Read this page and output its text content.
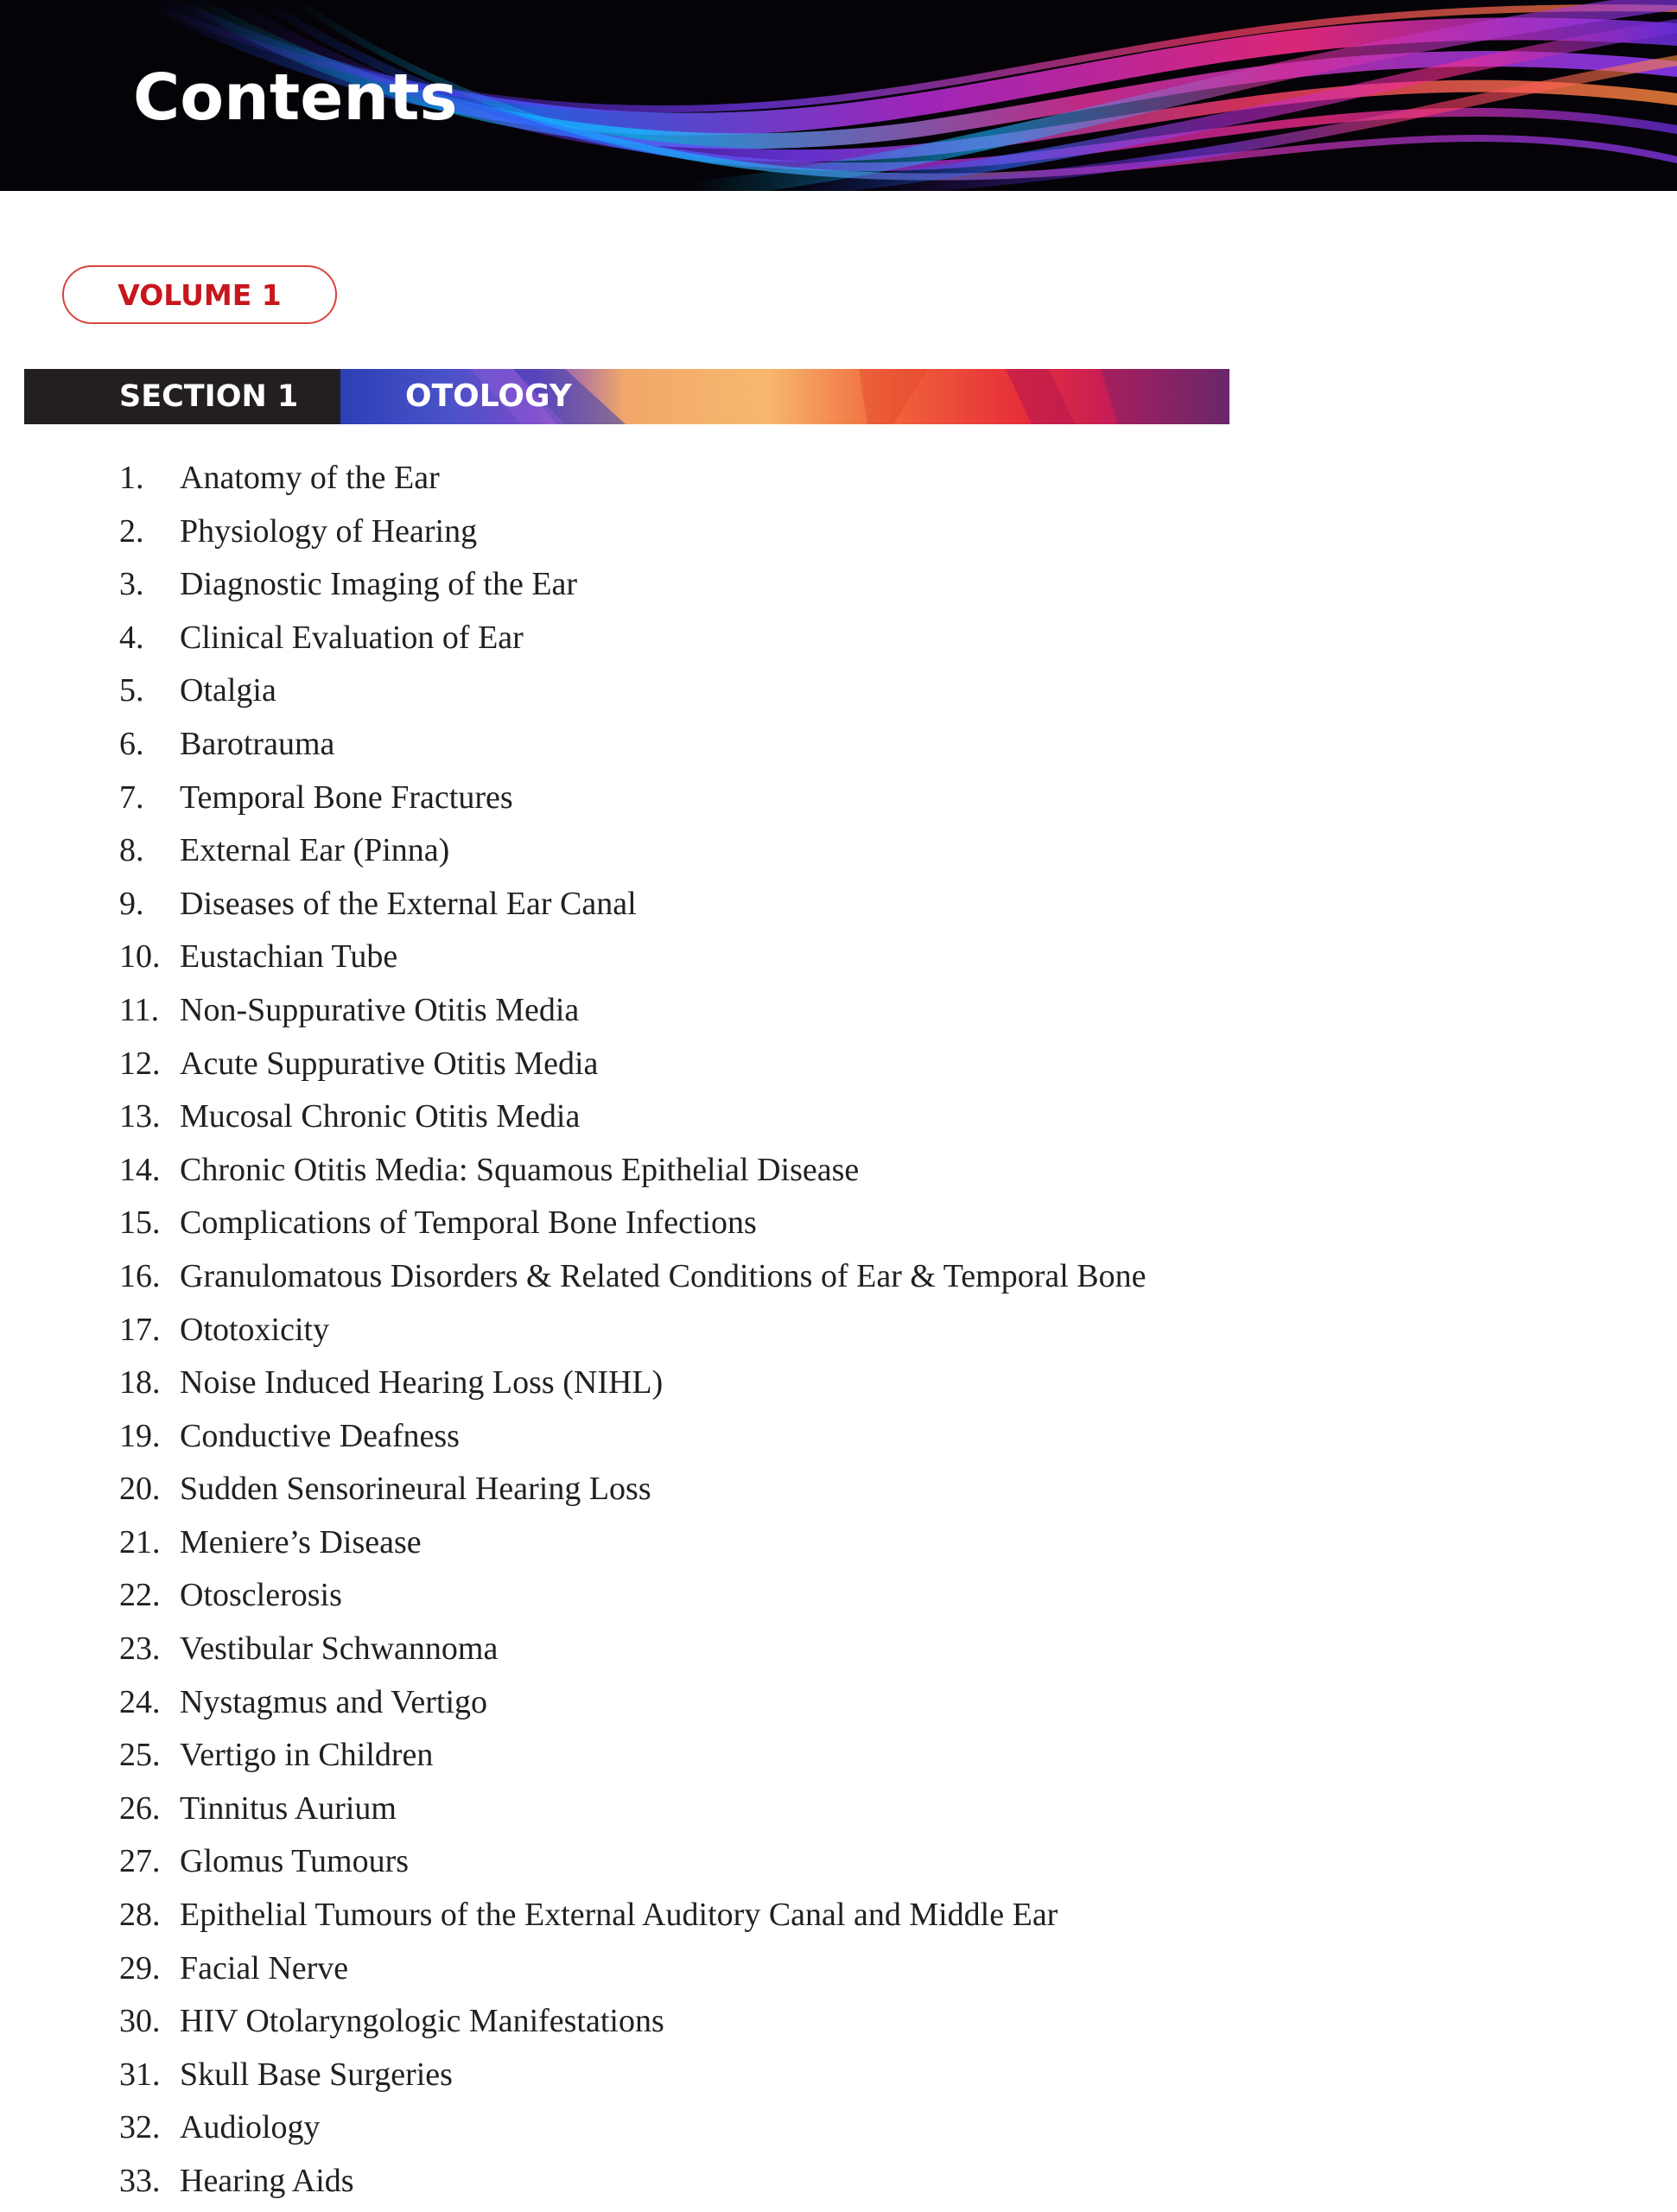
Contents
VOLUME 1
SECTION 1	OTOLOGY
1. Anatomy of the Ear
2. Physiology of Hearing
3. Diagnostic Imaging of the Ear
4. Clinical Evaluation of Ear
5. Otalgia
6. Barotrauma
7. Temporal Bone Fractures
8. External Ear (Pinna)
9. Diseases of the External Ear Canal
10. Eustachian Tube
11. Non-Suppurative Otitis Media
12. Acute Suppurative Otitis Media
13. Mucosal Chronic Otitis Media
14. Chronic Otitis Media: Squamous Epithelial Disease
15. Complications of Temporal Bone Infections
16. Granulomatous Disorders & Related Conditions of Ear & Temporal Bone
17. Ototoxicity
18. Noise Induced Hearing Loss (NIHL)
19. Conductive Deafness
20. Sudden Sensorineural Hearing Loss
21. Meniere’s Disease
22. Otosclerosis
23. Vestibular Schwannoma
24. Nystagmus and Vertigo
25. Vertigo in Children
26. Tinnitus Aurium
27. Glomus Tumours
28. Epithelial Tumours of the External Auditory Canal and Middle Ear
29. Facial Nerve
30. HIV Otolaryngologic Manifestations
31. Skull Base Surgeries
32. Audiology
33. Hearing Aids
